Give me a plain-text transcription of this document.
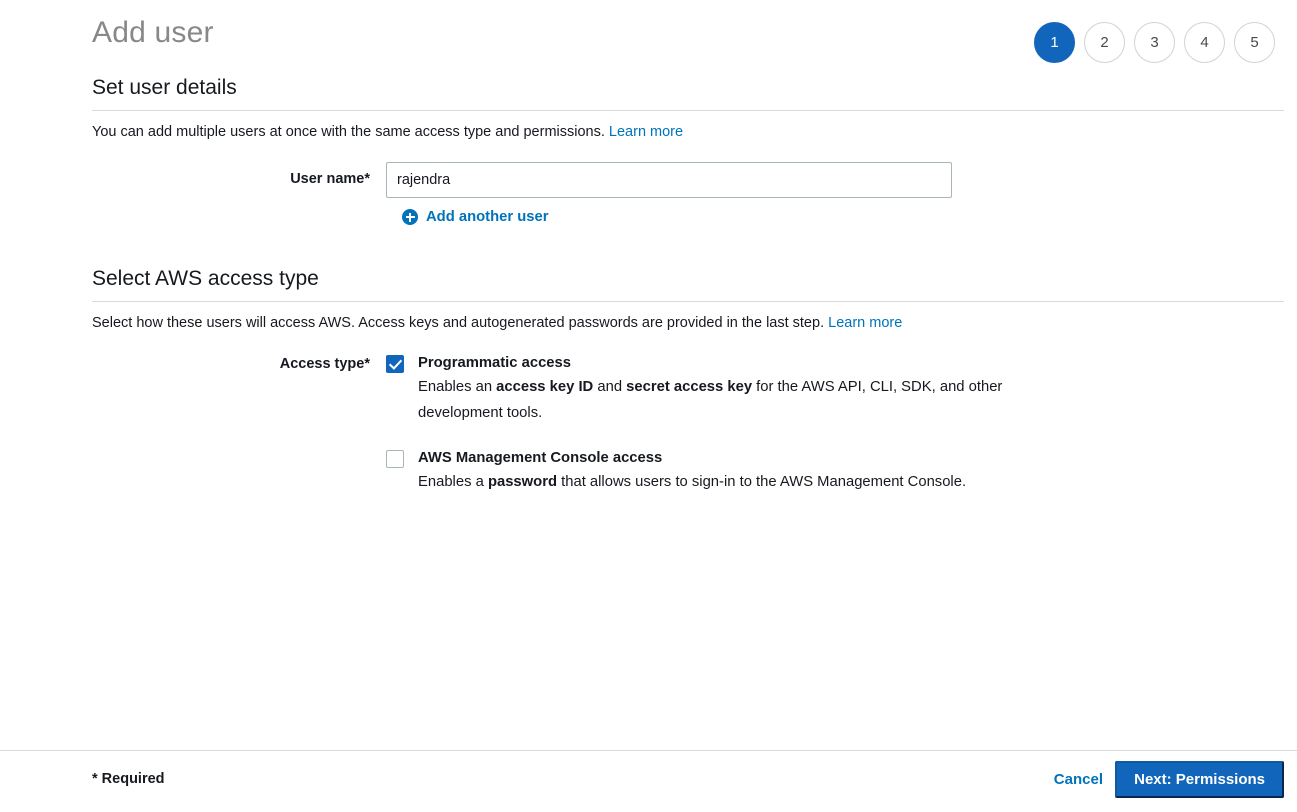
Add user	1	2	3	4	5
Set user details
You can add multiple users at once with the same access type and permissions. Learn more
User name*
rajendra
Add another user
Select AWS access type
Select how these users will access AWS. Access keys and autogenerated passwords are provided in the last step. Learn more
Access type*	Programmatic access
Enables an access key ID and secret access key for the AWS API, CLI, SDK, and other development tools.
AWS Management Console access
Enables a password that allows users to sign-in to the AWS Management Console.
* Required	Cancel	Next: Permissions
